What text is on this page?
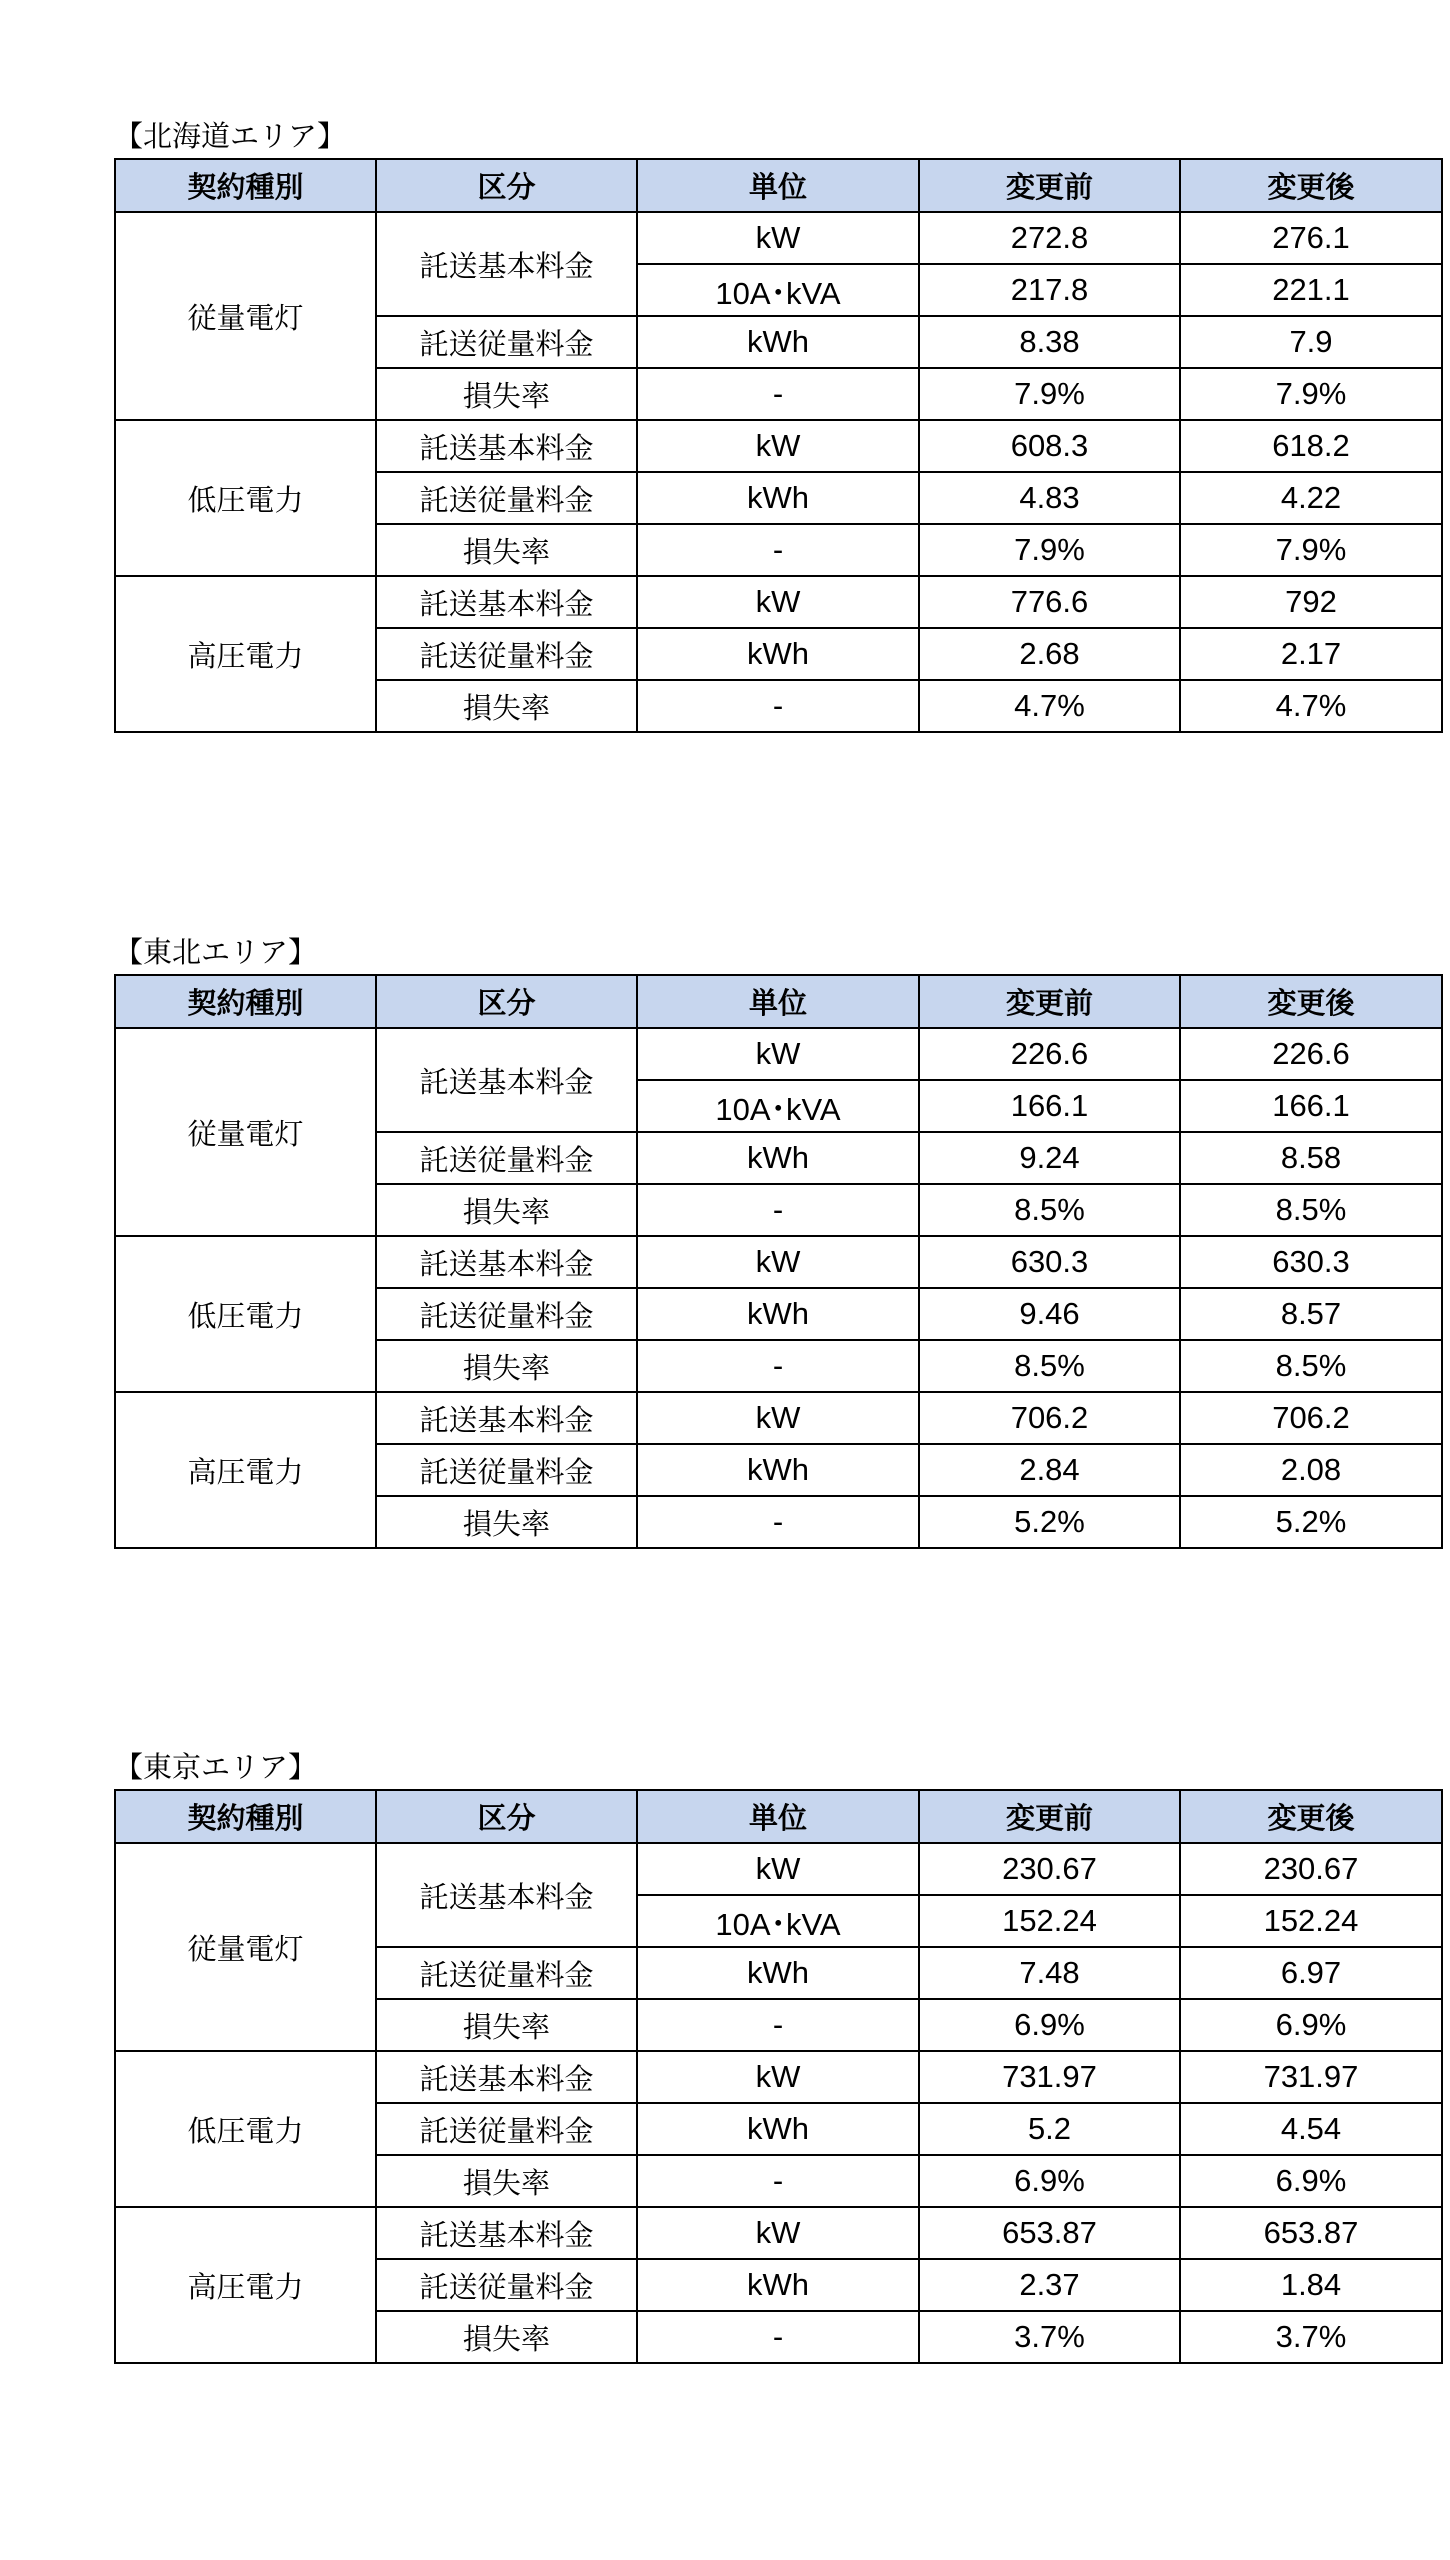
【北海道エリア】
契約種別	区分	単位	変更前	変更後
従量電灯	託送基本料金	kW	272.8	276.1
		10A･kVA	217.8	221.1
	託送従量料金	kWh	8.38	7.9
	損失率	-	7.9%	7.9%
低圧電力	託送基本料金	kW	608.3	618.2
	託送従量料金	kWh	4.83	4.22
	損失率	-	7.9%	7.9%
高圧電力	託送基本料金	kW	776.6	792
	託送従量料金	kWh	2.68	2.17
	損失率	-	4.7%	4.7%
【東北エリア】
契約種別	区分	単位	変更前	変更後
従量電灯	託送基本料金	kW	226.6	226.6
		10A･kVA	166.1	166.1
	託送従量料金	kWh	9.24	8.58
	損失率	-	8.5%	8.5%
低圧電力	託送基本料金	kW	630.3	630.3
	託送従量料金	kWh	9.46	8.57
	損失率	-	8.5%	8.5%
高圧電力	託送基本料金	kW	706.2	706.2
	託送従量料金	kWh	2.84	2.08
	損失率	-	5.2%	5.2%
【東京エリア】
契約種別	区分	単位	変更前	変更後
従量電灯	託送基本料金	kW	230.67	230.67
		10A･kVA	152.24	152.24
	託送従量料金	kWh	7.48	6.97
	損失率	-	6.9%	6.9%
低圧電力	託送基本料金	kW	731.97	731.97
	託送従量料金	kWh	5.2	4.54
	損失率	-	6.9%	6.9%
高圧電力	託送基本料金	kW	653.87	653.87
	託送従量料金	kWh	2.37	1.84
	損失率	-	3.7%	3.7%
